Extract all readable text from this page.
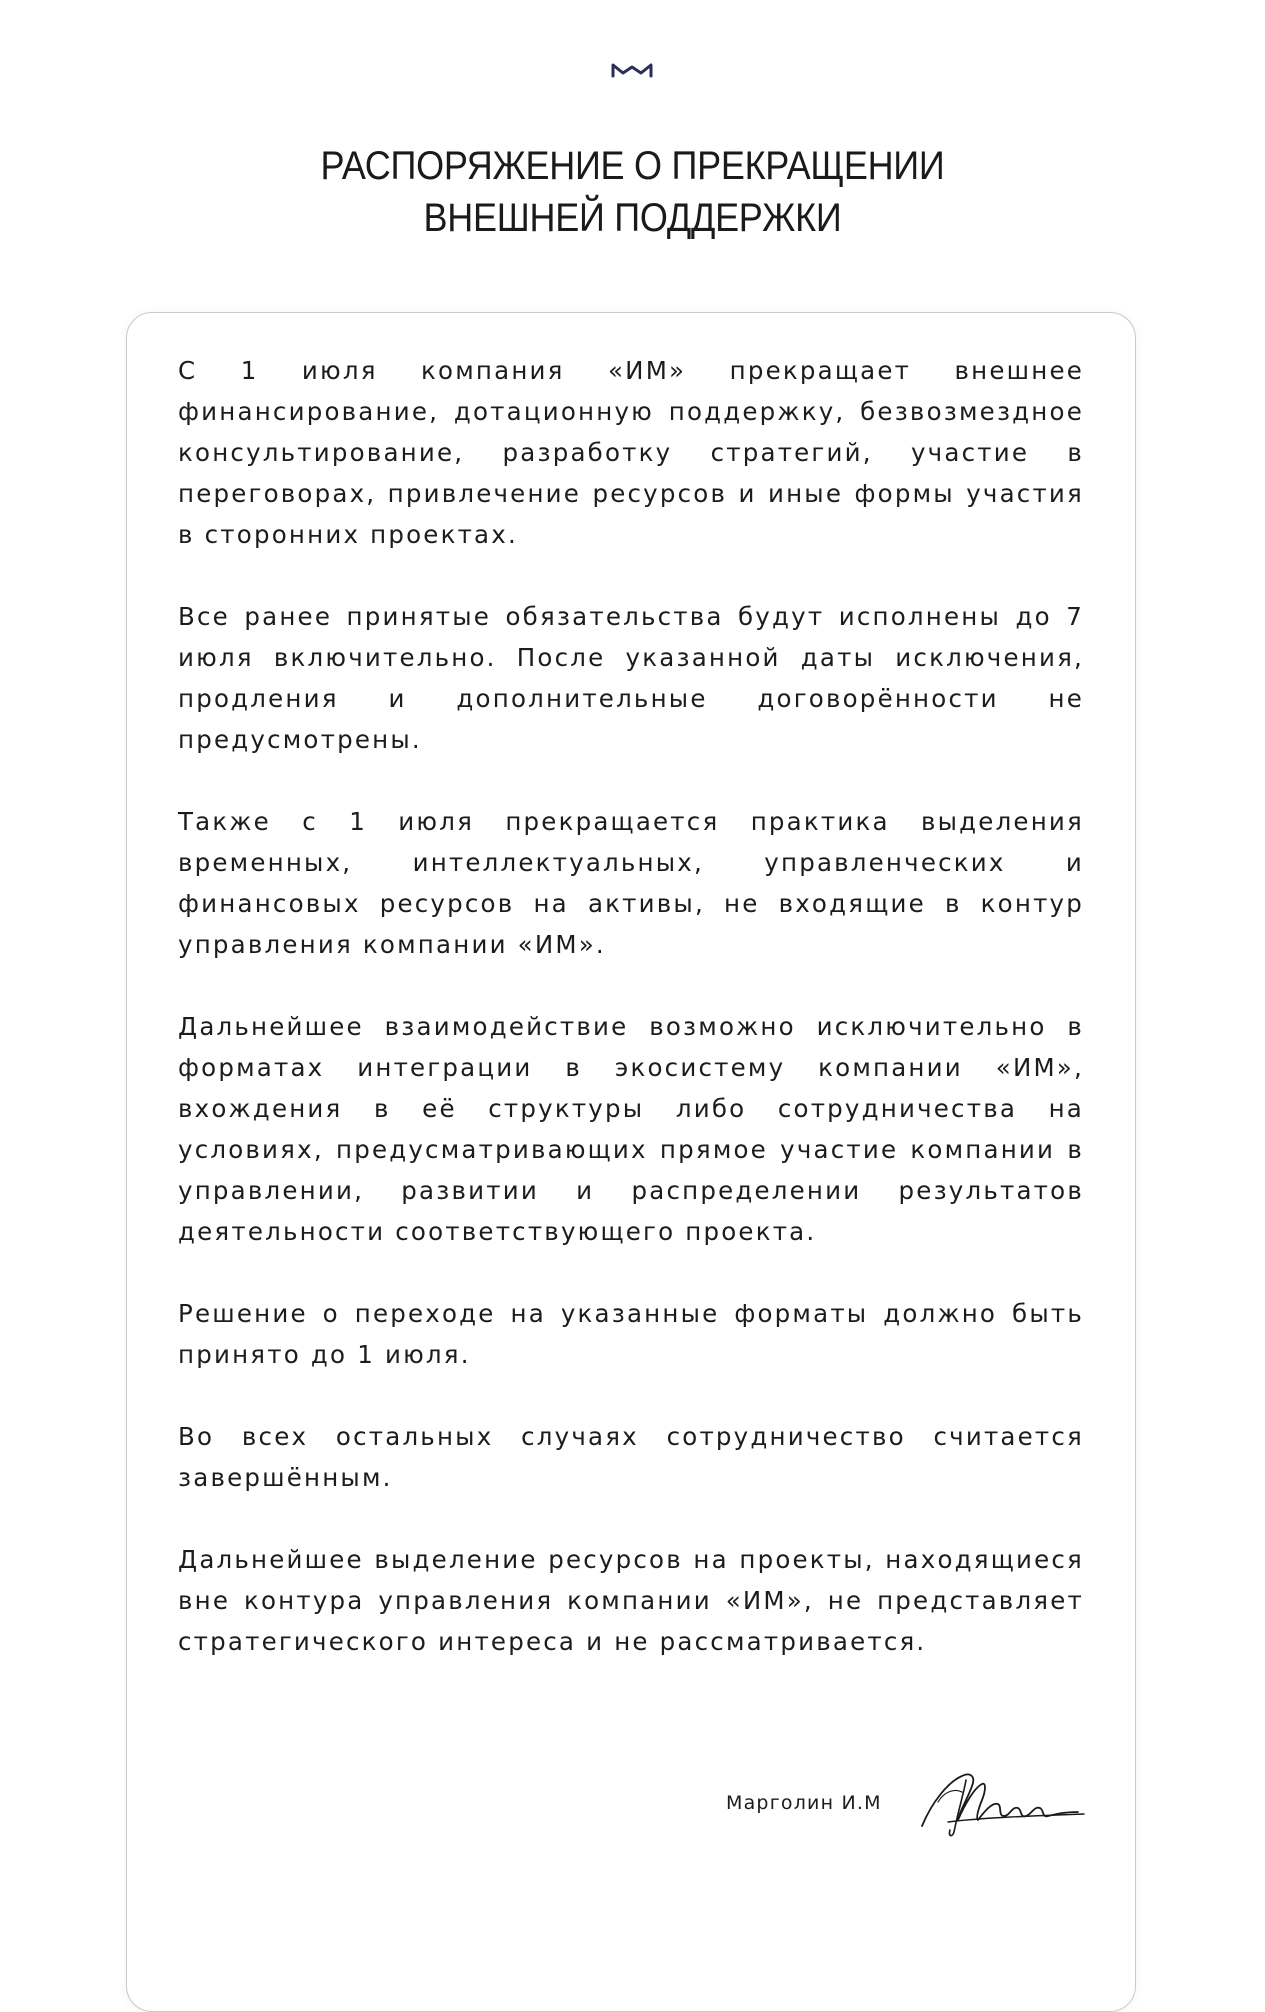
РАСПОРЯЖЕНИЕ О ПРЕКРАЩЕНИИ
ВНЕШНЕЙ ПОДДЕРЖКИ

С 1 июля компания «ИМ» прекращает внешнее финансирование, дотационную поддержку, безвозмездное консультирование, разработку стратегий, участие в переговорах, привлечение ресурсов и иные формы участия в сторонних проектах.

Все ранее принятые обязательства будут исполнены до 7 июля включительно. После указанной даты исключения, продления и дополнительные договорённости не предусмотрены.

Также с 1 июля прекращается практика выделения временных, интеллектуальных, управленческих и финансовых ресурсов на активы, не входящие в контур управления компании «ИМ».

Дальнейшее взаимодействие возможно исключительно в форматах интеграции в экосистему компании «ИМ», вхождения в её структуры либо сотрудничества на условиях, предусматривающих прямое участие компании в управлении, развитии и распределении результатов деятельности соответствующего проекта.

Решение о переходе на указанные форматы должно быть принято до 1 июля.

Во всех остальных случаях сотрудничество считается завершённым.

Дальнейшее выделение ресурсов на проекты, находящиеся вне контура управления компании «ИМ», не представляет стратегического интереса и не рассматривается.

Марголин И.М
